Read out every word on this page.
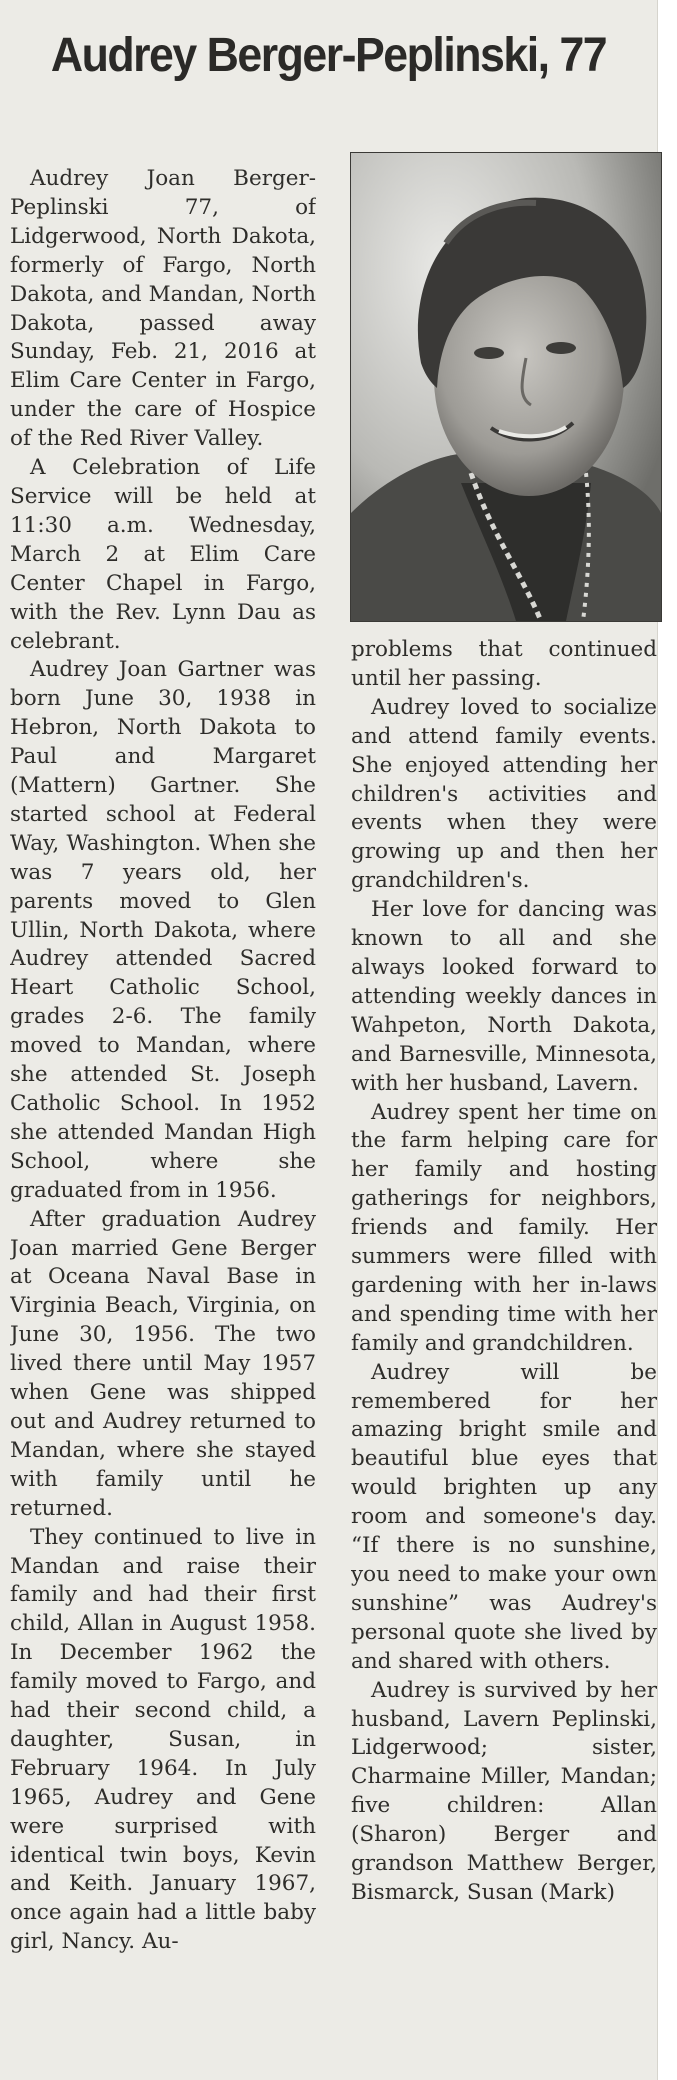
Audrey Berger-Peplinski, 77

Audrey Joan Berger-Peplinski 77, of Lidgerwood, North Dakota, formerly of Fargo, North Dakota, and Mandan, North Dakota, passed away Sunday, Feb. 21, 2016 at Elim Care Center in Fargo, under the care of Hospice of the Red River Valley.

A Celebration of Life Service will be held at 11:30 a.m. Wednesday, March 2 at Elim Care Center Chapel in Fargo, with the Rev. Lynn Dau as celebrant.

Audrey Joan Gartner was born June 30, 1938 in Hebron, North Dakota to Paul and Margaret (Mattern) Gartner. She started school at Federal Way, Washington. When she was 7 years old, her parents moved to Glen Ullin, North Dakota, where Audrey attended Sacred Heart Catholic School, grades 2-6. The family moved to Mandan, where she attended St. Joseph Catholic School. In 1952 she attended Mandan High School, where she graduated from in 1956.

After graduation Audrey Joan married Gene Berger at Oceana Naval Base in Virginia Beach, Virginia, on June 30, 1956. The two lived there until May 1957 when Gene was shipped out and Audrey returned to Mandan, where she stayed with family until he returned.

They continued to live in Mandan and raise their family and had their first child, Allan in August 1958. In December 1962 the family moved to Fargo, and had their second child, a daughter, Susan, in February 1964. In July 1965, Audrey and Gene were surprised with identical twin boys, Kevin and Keith. January 1967, once again had a little baby girl, Nancy. Au-

problems that continued until her passing.

Audrey loved to socialize and attend family events. She enjoyed attending her children's activities and events when they were growing up and then her grandchildren's.

Her love for dancing was known to all and she always looked forward to attending weekly dances in Wahpeton, North Dakota, and Barnesville, Minnesota, with her husband, Lavern.

Audrey spent her time on the farm helping care for her family and hosting gatherings for neighbors, friends and family. Her summers were filled with gardening with her in-laws and spending time with her family and grandchildren.

Audrey will be remembered for her amazing bright smile and beautiful blue eyes that would brighten up any room and someone's day. “If there is no sunshine, you need to make your own sunshine” was Audrey's personal quote she lived by and shared with others.

Audrey is survived by her husband, Lavern Peplinski, Lidgerwood; sister, Charmaine Miller, Mandan; five children: Allan (Sharon) Berger and grandson Matthew Berger, Bismarck, Susan (Mark)
